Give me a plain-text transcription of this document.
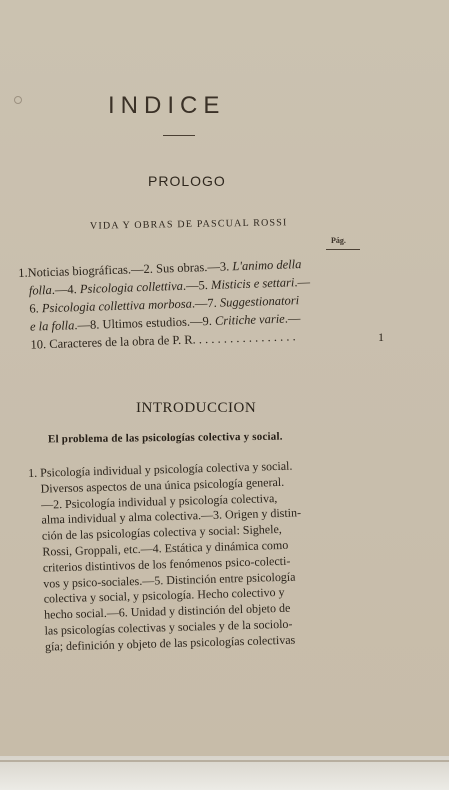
INDICE
PROLOGO
VIDA Y OBRAS DE PASCUAL ROSSI
Pág.
1.Noticias biográficas.—2. Sus obras.—3. L'animo della
folla.—4. Psicologia collettiva.—5. Misticis e settari.—
6. Psicologia collettiva morbosa.—7. Suggestionatori
e la folla.—8. Ultimos estudios.—9. Critiche varie.—
10. Caracteres de la obra de P. R. . . . . . . . . . . . . . . . .	1
INTRODUCCION
El problema de las psicologías colectiva y social.
1. Psicología individual y psicología colectiva y social.
Diversos aspectos de una única psicología general.
—2. Psicología individual y psicología colectiva,
alma individual y alma colectiva.—3. Origen y distin-
ción de las psicologías colectiva y social: Sighele,
Rossi, Groppali, etc.—4. Estática y dinámica como
criterios distintivos de los fenómenos psico-colecti-
vos y psico-sociales.—5. Distinción entre psicología
colectiva y social, y psicología. Hecho colectivo y
hecho social.—6. Unidad y distinción del objeto de
las psicologías colectivas y sociales y de la sociolo-
gía; definición y objeto de las psicologías colectivas
